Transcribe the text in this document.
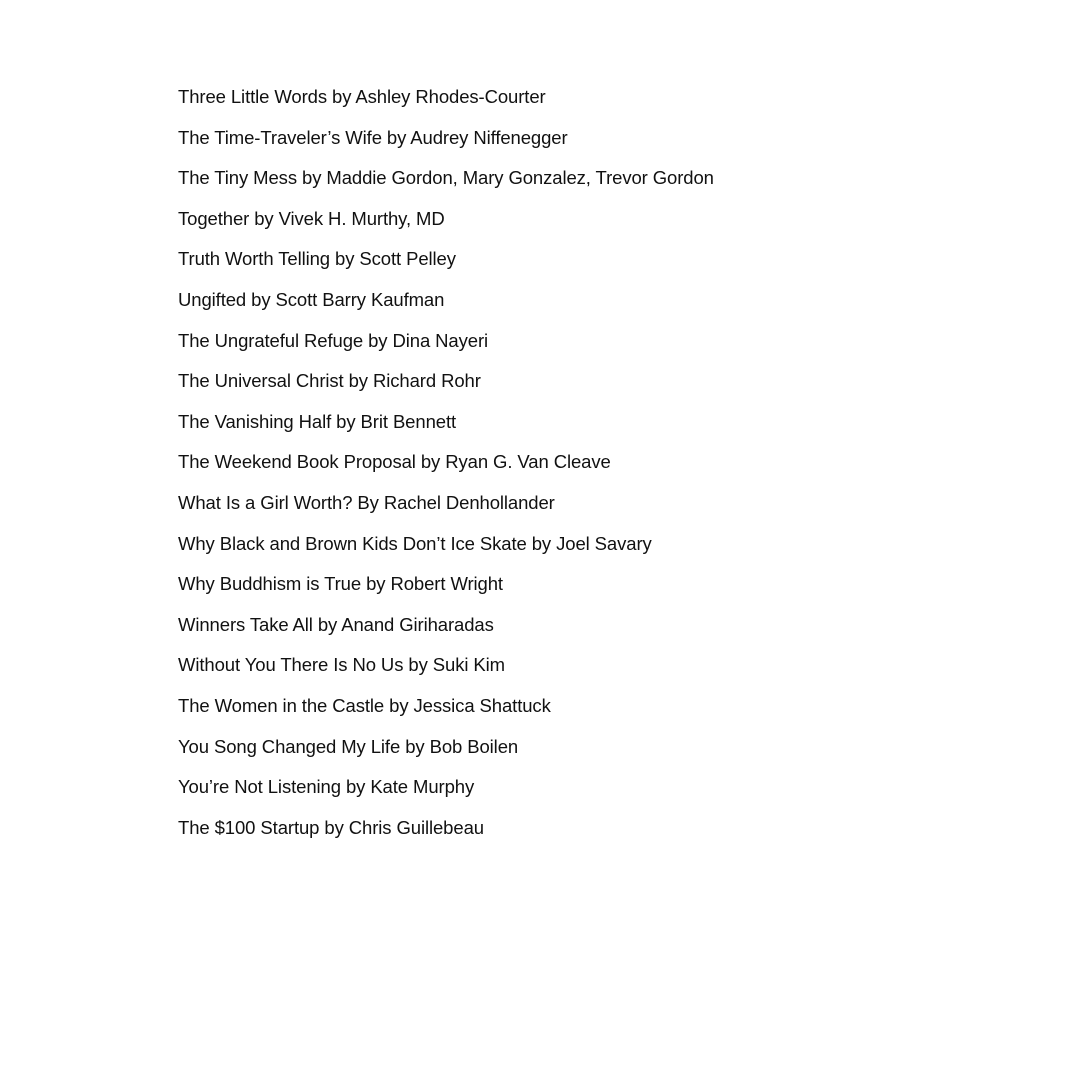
Three Little Words by Ashley Rhodes-Courter
The Time-Traveler’s Wife by Audrey Niffenegger
The Tiny Mess by Maddie Gordon, Mary Gonzalez, Trevor Gordon
Together by Vivek H. Murthy, MD
Truth Worth Telling by Scott Pelley
Ungifted by Scott Barry Kaufman
The Ungrateful Refuge by Dina Nayeri
The Universal Christ by Richard Rohr
The Vanishing Half by Brit Bennett
The Weekend Book Proposal by Ryan G. Van Cleave
What Is a Girl Worth? By Rachel Denhollander
Why Black and Brown Kids Don’t Ice Skate by Joel Savary
Why Buddhism is True by Robert Wright
Winners Take All by Anand Giriharadas
Without You There Is No Us by Suki Kim
The Women in the Castle by Jessica Shattuck
You Song Changed My Life by Bob Boilen
You’re Not Listening by Kate Murphy
The $100 Startup by Chris Guillebeau
